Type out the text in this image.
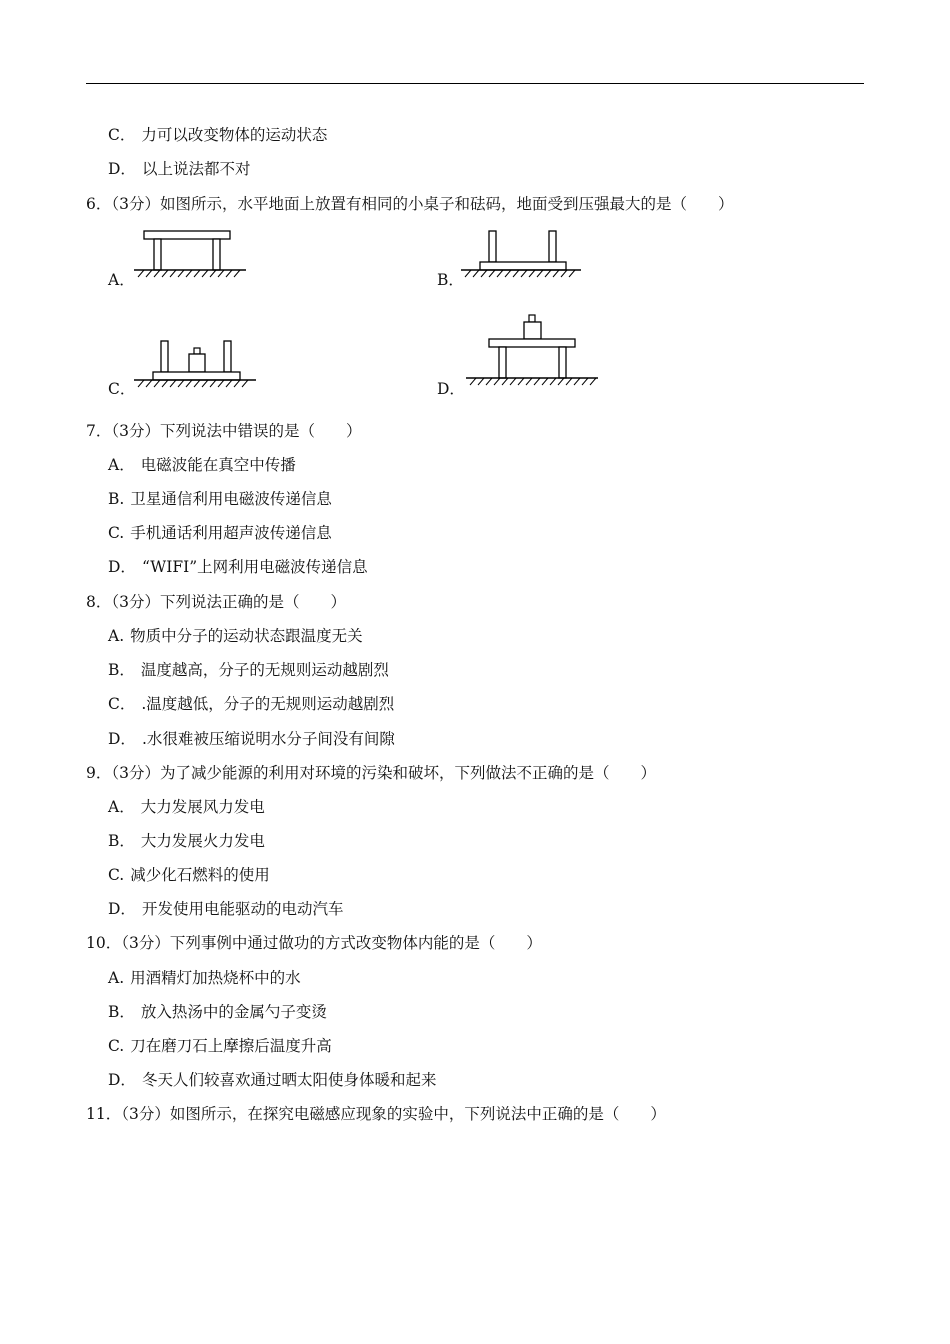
C． 力可以改变物体的运动状态
D． 以上说法都不对
6．（3分）如图所示，水平地面上放置有相同的小桌子和砝码，地面受到压强最大的是（　　）
A．	B．
C．	D．
7．（3分）下列说法中错误的是（　　）
A． 电磁波能在真空中传播
B. 卫星通信利用电磁波传递信息
C. 手机通话利用超声波传递信息
D． “WIFI”上网利用电磁波传递信息
8．（3分）下列说法正确的是（　　）
A. 物质中分子的运动状态跟温度无关
B． 温度越高，分子的无规则运动越剧烈
C． .温度越低，分子的无规则运动越剧烈
D． .水很难被压缩说明水分子间没有间隙
9．（3分）为了减少能源的利用对环境的污染和破坏，下列做法不正确的是（　　）
A． 大力发展风力发电
B． 大力发展火力发电
C. 减少化石燃料的使用
D． 开发使用电能驱动的电动汽车
10．（3分）下列事例中通过做功的方式改变物体内能的是（　　）
A. 用酒精灯加热烧杯中的水
B． 放入热汤中的金属勺子变烫
C. 刀在磨刀石上摩擦后温度升高
D． 冬天人们较喜欢通过晒太阳使身体暖和起来
11．（3分）如图所示，在探究电磁感应现象的实验中，下列说法中正确的是（　　）
